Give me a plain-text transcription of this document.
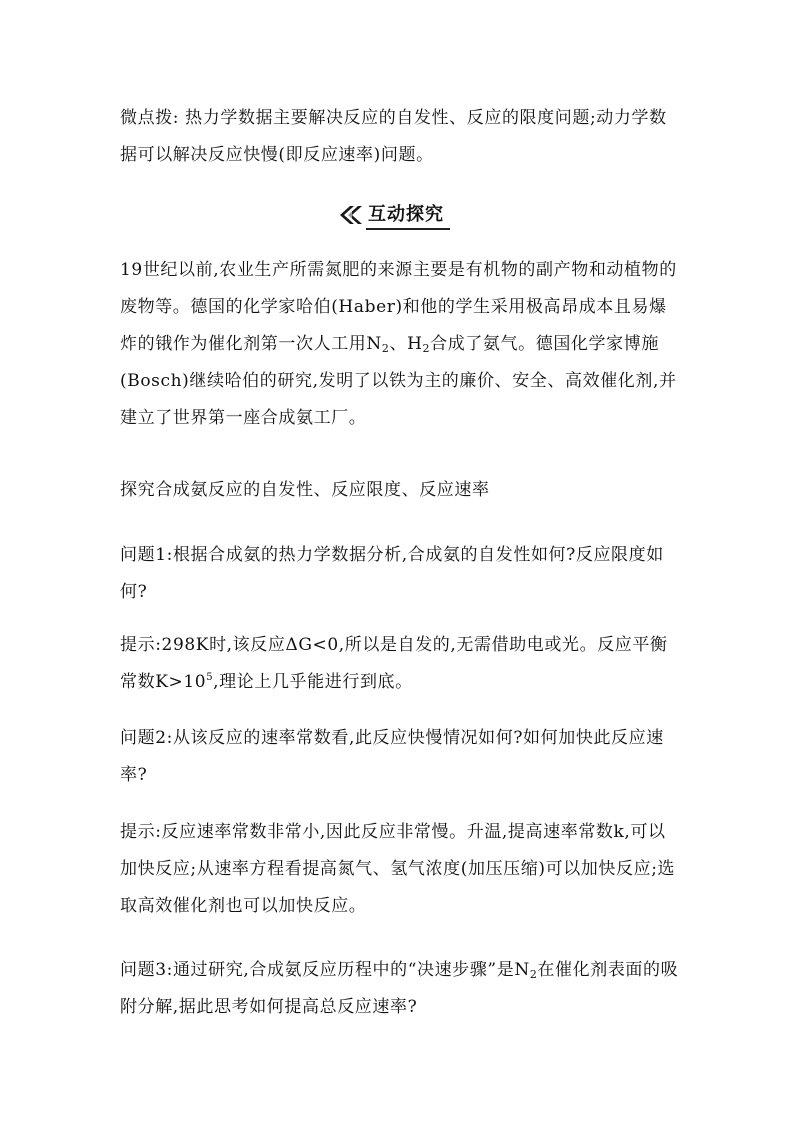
微点拨: 热力学数据主要解决反应的自发性、反应的限度问题;动力学数据可以解决反应快慢(即反应速率)问题。

互动探究

19世纪以前,农业生产所需氮肥的来源主要是有机物的副产物和动植物的废物等。德国的化学家哈伯(Haber)和他的学生采用极高昂成本且易爆炸的锇作为催化剂第一次人工用$N_2$、$H_2$合成了氨气。德国化学家博施(Bosch)继续哈伯的研究,发明了以铁为主的廉价、安全、高效催化剂,并建立了世界第一座合成氨工厂。

探究合成氨反应的自发性、反应限度、反应速率

问题1:根据合成氨的热力学数据分析,合成氨的自发性如何?反应限度如何?

提示:298K时,该反应ΔG<0,所以是自发的,无需借助电或光。反应平衡常数$K>10^5$,理论上几乎能进行到底。

问题2:从该反应的速率常数看,此反应快慢情况如何?如何加快此反应速率?

提示:反应速率常数非常小,因此反应非常慢。升温,提高速率常数k,可以加快反应;从速率方程看提高氮气、氢气浓度(加压压缩)可以加快反应;选取高效催化剂也可以加快反应。

问题3:通过研究,合成氨反应历程中的“决速步骤”是$N_2$在催化剂表面的吸附分解,据此思考如何提高总反应速率?
